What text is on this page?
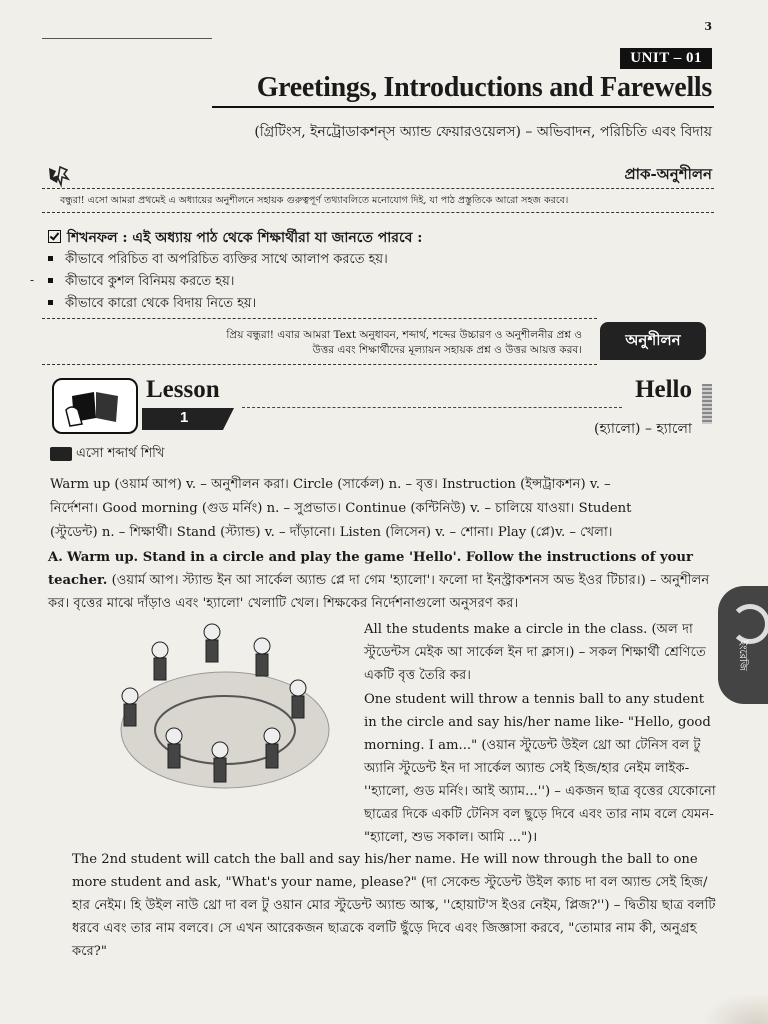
3
UNIT – 01
Greetings, Introductions and Farewells
(গ্রিটিংস, ইনট্রোডাকশন্‌স অ্যান্ড ফেয়ারওয়েলস) – অভিবাদন, পরিচিতি এবং বিদায়
প্রাক-অনুশীলন
বন্ধুরা! এসো আমরা প্রথমেই এ অধ্যায়ের অনুশীলনে সহায়ক গুরুত্বপূর্ণ তথ্যাবলিতে মনোযোগ দিই, যা পাঠ প্রস্তুতিকে আরো সহজ করবে।
শিখনফল : এই অধ্যায় পাঠ থেকে শিক্ষার্থীরা যা জানতে পারবে :
কীভাবে পরিচিত বা অপরিচিত ব্যক্তির সাথে আলাপ করতে হয়।
কীভাবে কুশল বিনিময় করতে হয়।
কীভাবে কারো থেকে বিদায় নিতে হয়।
-
প্রিয় বন্ধুরা! এবার আমরা Text অনুধাবন, শব্দার্থ, শব্দের উচ্চারণ ও অনুশীলনীর প্রশ্ন ও উত্তর এবং শিক্ষার্থীদের মূল্যায়ন সহায়ক প্রশ্ন ও উত্তর আয়ত্ত করব।
অনুশীলন
Lesson
1
Hello
(হ্যালো) – হ্যালো
এসো শব্দার্থ শিখি
Warm up (ওয়ার্ম আপ) v. – অনুশীলন করা। Circle (সার্কেল) n. – বৃত্ত। Instruction (ইন্সট্রাকশন) v. –
নির্দেশনা। Good morning (গুড মর্নিং) n. – সুপ্রভাত। Continue (কন্টিনিউ) v. – চালিয়ে যাওয়া। Student
(স্টুডেন্ট) n. – শিক্ষার্থী। Stand (স্ট্যান্ড) v. – দাঁড়ানো। Listen (লিসেন) v. – শোনা। Play (প্লে)v. – খেলা।
A. Warm up. Stand in a circle and play the game 'Hello'. Follow the instructions of your teacher. (ওয়ার্ম আপ। স্ট্যান্ড ইন আ সার্কেল অ্যান্ড প্লে দা গেম 'হ্যালো'। ফলো দা ইনস্ট্রাকশনস অভ ইওর টিচার।) – অনুশীলন কর। বৃত্তের মাঝে দাঁড়াও এবং 'হ্যালো' খেলাটি খেল। শিক্ষকের নির্দেশনাগুলো অনুসরণ কর।
All the students make a circle in the class. (অল দা স্টুডেন্টস মেইক আ সার্কেল ইন দা ক্লাস।) – সকল শিক্ষার্থী শ্রেণিতে একটি বৃত্ত তৈরি কর।
One student will throw a tennis ball to any student in the circle and say his/her name like- "Hello, good morning. I am..." (ওয়ান স্টুডেন্ট উইল থ্রো আ টেনিস বল টু অ্যানি স্টুডেন্ট ইন দা সার্কেল অ্যান্ড সেই হিজ/হার নেইম লাইক- ''হ্যালো, গুড মর্নিং। আই অ্যাম...'') – একজন ছাত্র বৃত্তের যেকোনো ছাত্রের দিকে একটি টেনিস বল ছুড়ে দিবে এবং তার নাম বলে যেমন- "হ্যালো, শুভ সকাল। আমি ...")।
The 2nd student will catch the ball and say his/her name. He will now through the ball to one more student and ask, "What's your name, please?" (দা সেকেন্ড স্টুডেন্ট উইল ক্যাচ দা বল অ্যান্ড সেই হিজ/হার নেইম। হি উইল নাউ থ্রো দা বল টু ওয়ান মোর স্টুডেন্ট অ্যান্ড আস্ক, ''হোয়াট'স ইওর নেইম, প্লিজ?'') – দ্বিতীয় ছাত্র বলটি ধরবে এবং তার নাম বলবে। সে এখন আরেকজন ছাত্রকে বলটি ছুঁড়ে দিবে এবং জিজ্ঞাসা করবে, "তোমার নাম কী, অনুগ্রহ করে?"
ইংরেজি
